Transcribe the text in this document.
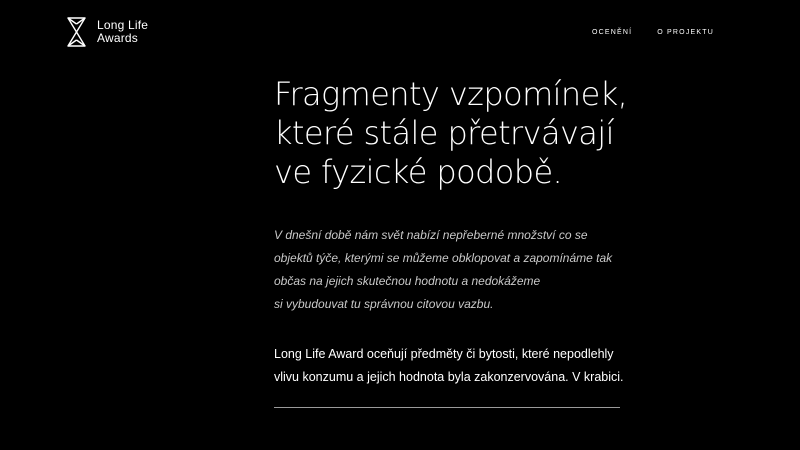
Long Life
Awards	OCENĚNÍ	O PROJEKTU
Fragmenty vzpomínek,
které stále přetrvávají
ve fyzické podobě.

V dnešní době nám svět nabízí nepřeberné množství co se
objektů týče, kterými se můžeme obklopovat a zapomínáme tak
občas na jejich skutečnou hodnotu a nedokážeme
si vybudouvat tu správnou citovou vazbu.

Long Life Award oceňují předměty či bytosti, které nepodlehly
vlivu konzumu a jejich hodnota byla zakonzervována. V krabici.
